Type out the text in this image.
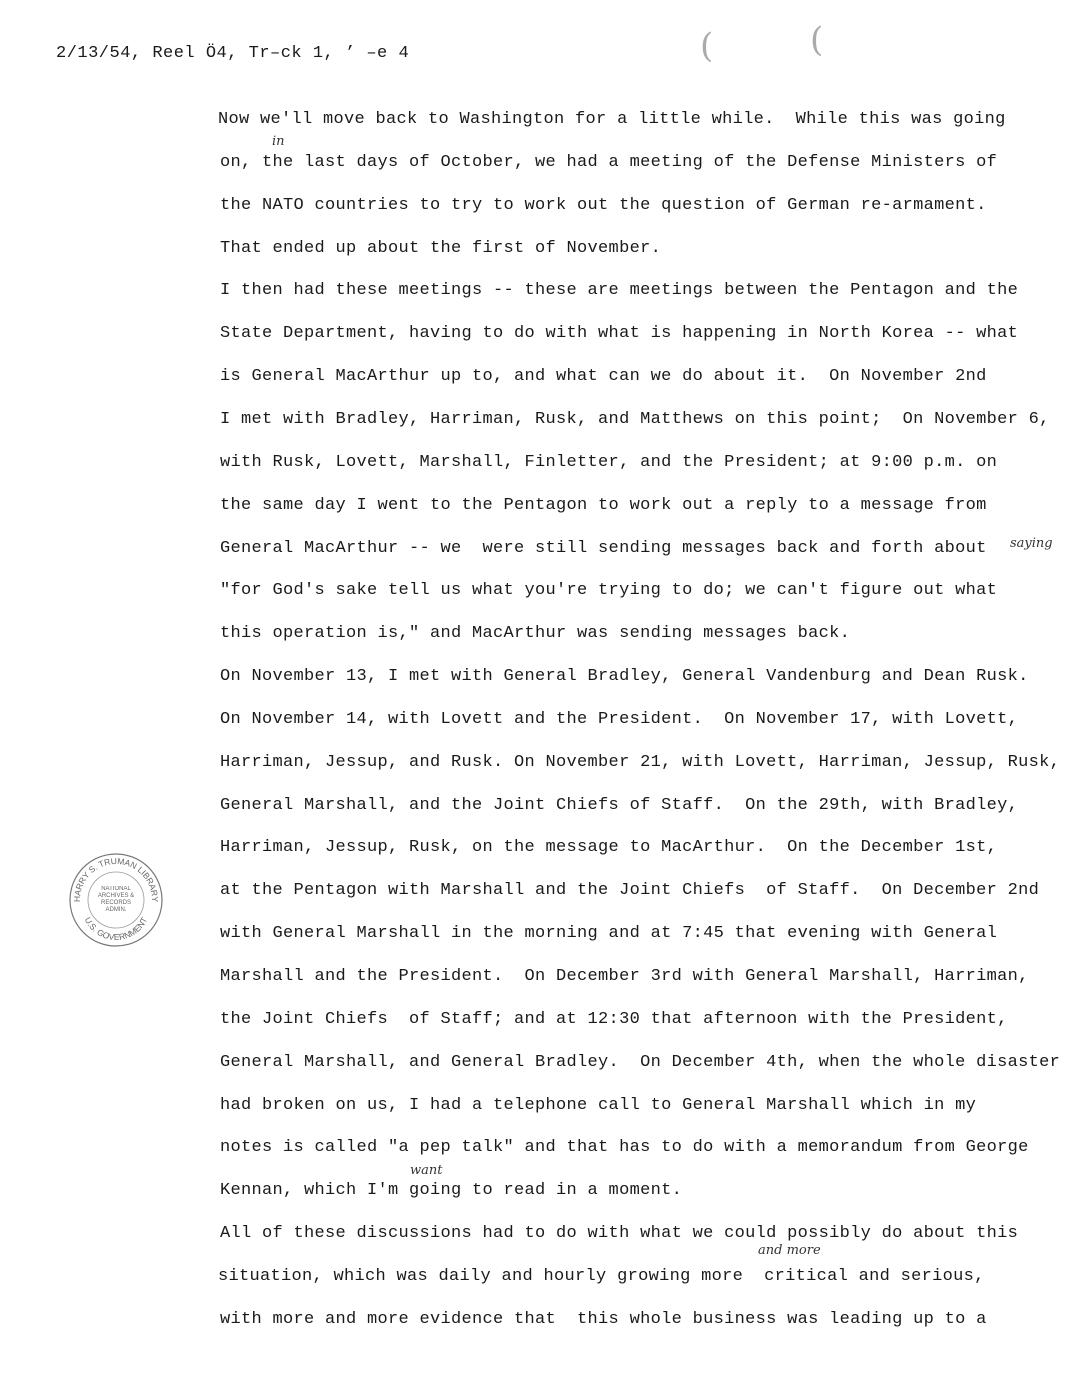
2/13/54, Reel Ö4, Tr–ck 1, ’ –e 4	(	(
Now we'll move back to Washington for a little while.  While this was going
on, the last days of October, we had a meeting of the Defense Ministers of
the NATO countries to try to work out the question of German re-armament.
That ended up about the first of November.
I then had these meetings -- these are meetings between the Pentagon and the
State Department, having to do with what is happening in North Korea -- what
is General MacArthur up to, and what can we do about it.  On November 2nd
I met with Bradley, Harriman, Rusk, and Matthews on this point;  On November 6,
with Rusk, Lovett, Marshall, Finletter, and the President; at 9:00 p.m. on
the same day I went to the Pentagon to work out a reply to a message from
General MacArthur -- we  were still sending messages back and forth about
"for God's sake tell us what you're trying to do; we can't figure out what
this operation is," and MacArthur was sending messages back.
On November 13, I met with General Bradley, General Vandenburg and Dean Rusk.
On November 14, with Lovett and the President.  On November 17, with Lovett,
Harriman, Jessup, and Rusk. On November 21, with Lovett, Harriman, Jessup, Rusk,
General Marshall, and the Joint Chiefs of Staff.  On the 29th, with Bradley,
Harriman, Jessup, Rusk, on the message to MacArthur.  On the December 1st,
at the Pentagon with Marshall and the Joint Chiefs  of Staff.  On December 2nd
with General Marshall in the morning and at 7:45 that evening with General
Marshall and the President.  On December 3rd with General Marshall, Harriman,
the Joint Chiefs  of Staff; and at 12:30 that afternoon with the President,
General Marshall, and General Bradley.  On December 4th, when the whole disaster
had broken on us, I had a telephone call to General Marshall which in my
notes is called "a pep talk" and that has to do with a memorandum from George
Kennan, which I'm going to read in a moment.
All of these discussions had to do with what we could possibly do about this
situation, which was daily and hourly growing more  critical and serious,
with more and more evidence that  this whole business was leading up to a
in
saying
want
and more
HARRY S. TRUMAN LIBRARY
U.S. GOVERNMENT
NATIONAL ARCHIVES & RECORDS ADMIN.
